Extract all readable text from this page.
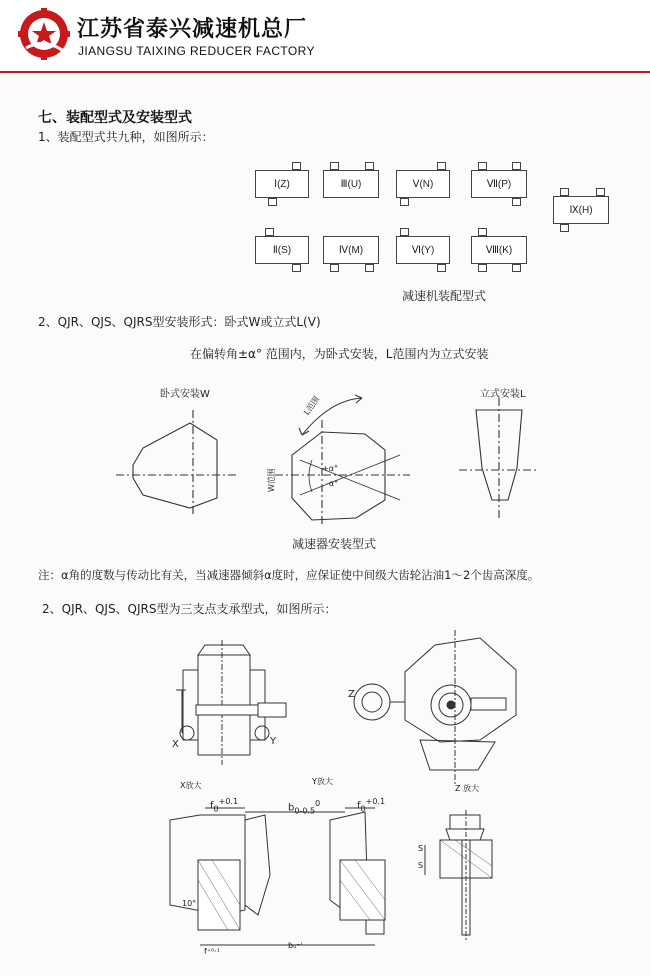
江苏省泰兴减速机总厂
JIANGSU TAIXING REDUCER FACTORY
七、装配型式及安装型式
1、装配型式共九种，如图所示：
Ⅰ(Z)	Ⅲ(U)	Ⅴ(N)	Ⅶ(P)
Ⅱ(S)	Ⅳ(M)	Ⅵ(Y)	Ⅷ(K)
Ⅸ(H)
减速机装配型式
2、QJR、QJS、QJRS型安装形式：卧式W或立式L(V)
在偏转角±α° 范围内，为卧式安装，L范围内为立式安装
卧式安装W	立式安装L
L范围
W范围	+α°
-α°
减速器安装型式
注：α角的度数与传动比有关，当减速器倾斜α度时，应保证使中间级大齿轮沾油1～2个齿高深度。
2、QJR、QJS、QJRS型为三支点支承型式，如图所示：
X	Y
Z
X放大	Y放大
Z 放大
$f_0^{+0.1}$
$b_{0-0.5}^0$	$f_0^{+0.1}$
10°
S
S
f⁺⁰·¹
b₀⁻ᴵ
